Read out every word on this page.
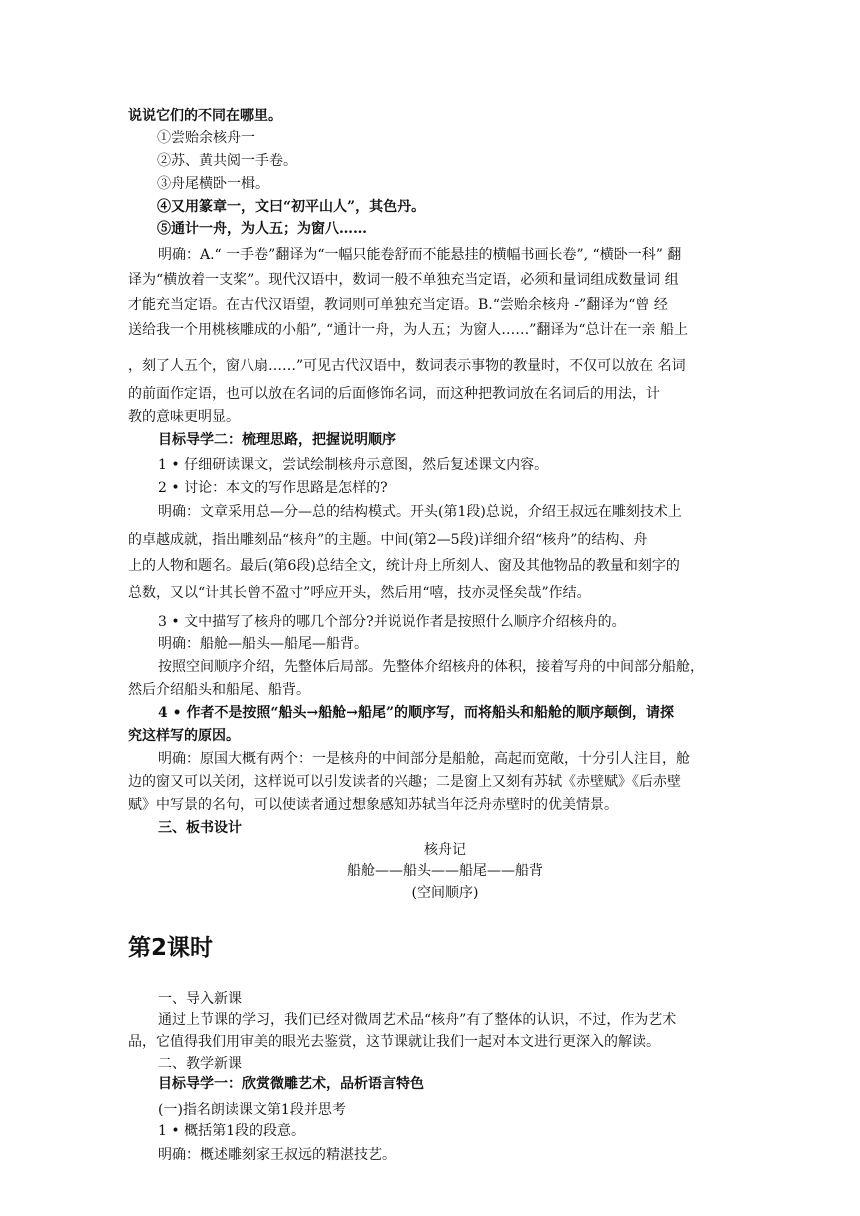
说说它们的不同在哪里。
①尝贻余核舟一
②苏、黄共阅一手卷。
③舟尾横卧一楫。
④又用篆章一，文曰“初平山人”，其色丹。
⑤通计一舟，为人五；为窗八……
明确：A.“ 一手卷”翻译为“一幅只能卷舒而不能悬挂的横幅书画长卷”, “横卧一科” 翻
译为“横放着一支桨”。现代汉语中，数词一般不单独充当定语，必须和量词组成数量词 组
才能充当定语。在古代汉语望，教词则可单独充当定语。B.“尝贻余核舟 -”翻译为“曾 经
送给我一个用桃核雕成的小船”, “通计一舟，为人五；为窗人……”翻译为“总计在一亲 船上
，刻了人五个，窗八扇……”可见古代汉语中，数词表示事物的教量时，不仅可以放在 名词
的前面作定语，也可以放在名词的后面修饰名词，而这种把教词放在名词后的用法，计
教的意味更明显。
目标导学二：梳理思路，把握说明顺序
1 • 仔细研读课文，尝试绘制核舟示意图，然后复述课文内容。
2 • 讨论：本文的写作思路是怎样的?
明确：文章采用总—分—总的结构模式。开头(第1段)总说，介绍王叔远在雕刻技术上
的卓越成就，指出雕刻品“核舟”的主题。中间(第2—5段)详细介绍“核舟”的结构、舟
上的人物和题名。最后(第6段)总结全文，统计舟上所刻人、窗及其他物品的教量和刻字的
总数，又以“计其长曾不盈寸”呼应开头，然后用“嘻，技亦灵怪矣哉”作结。
3 • 文中描写了核舟的哪几个部分?并说说作者是按照什么顺序介绍核舟的。
明确：船舱—船头—船尾—船背。
按照空间顺序介绍，先整体后局部。先整体介绍核舟的体积，接着写舟的中间部分船舱，
然后介绍船头和船尾、船背。
4 • 作者不是按照“船头→船舱→船尾”的顺序写，而将船头和船舱的顺序颠倒，请探
究这样写的原因。
明确：原国大概有两个：一是核舟的中间部分是船舱，高起而宽敞，十分引人注目，舱
边的窗又可以关闭，这样说可以引发读者的兴趣；二是窗上又刻有苏轼《赤壁赋》《后赤壁
赋》中写景的名句，可以使读者通过想象感知苏轼当年泛舟赤壁时的优美情景。
三、板书设计
核舟记
船舱——船头——船尾——船背
(空间顺序)
第2课时
一、导入新课
通过上节课的学习，我们已经对微周艺术品“核舟”有了整体的认识，不过，作为艺术
品，它值得我们用审美的眼光去鉴赏，这节课就让我们一起对本文进行更深入的解读。
二、教学新课
目标导学一：欣赏微雕艺术，品析语言特色
(一)指名朗读课文第1段并思考
1 • 概括第1段的段意。
明确：概述雕刻家王叔远的精湛技艺。
